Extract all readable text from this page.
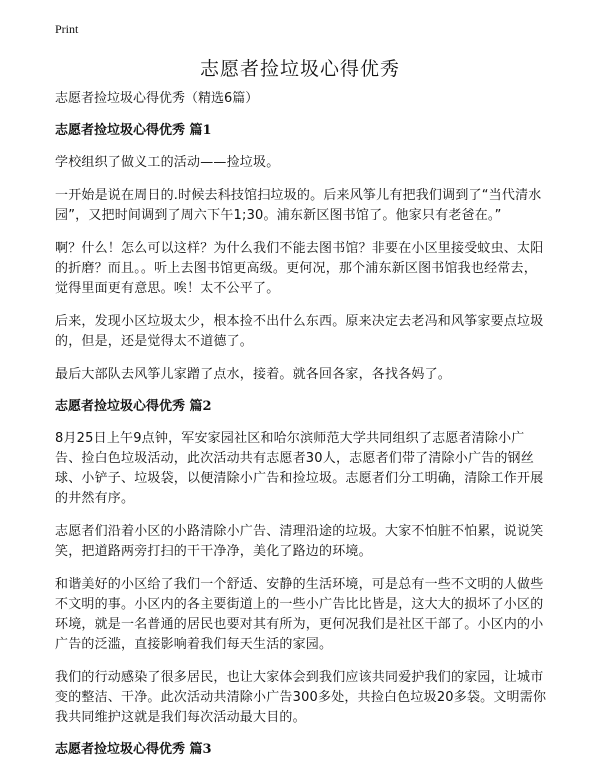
Print
志愿者捡垃圾心得优秀

志愿者捡垃圾心得优秀（精选6篇）

志愿者捡垃圾心得优秀 篇1

学校组织了做义工的活动——捡垃圾。

一开始是说在周日的.时候去科技馆扫垃圾的。后来风筝儿有把我们调到了“当代清水园”，又把时间调到了周六下午1;30。浦东新区图书馆了。他家只有老爸在。”

啊？什么！怎么可以这样？为什么我们不能去图书馆？非要在小区里接受蚊虫、太阳的折磨？而且。。听上去图书馆更高级。更何况，那个浦东新区图书馆我也经常去，觉得里面更有意思。唉！太不公平了。

后来，发现小区垃圾太少，根本捡不出什么东西。原来决定去老冯和风筝家要点垃圾的，但是，还是觉得太不道德了。

最后大部队去风筝儿家蹭了点水，接着。就各回各家，各找各妈了。

志愿者捡垃圾心得优秀 篇2

8月25日上午9点钟，军安家园社区和哈尔滨师范大学共同组织了志愿者清除小广告、捡白色垃圾活动，此次活动共有志愿者30人，志愿者们带了清除小广告的钢丝球、小铲子、垃圾袋，以便清除小广告和捡垃圾。志愿者们分工明确，清除工作开展的井然有序。

志愿者们沿着小区的小路清除小广告、清理沿途的垃圾。大家不怕脏不怕累，说说笑笑，把道路两旁打扫的干干净净，美化了路边的环境。

和谐美好的小区给了我们一个舒适、安静的生活环境，可是总有一些不文明的人做些不文明的事。小区内的各主要街道上的一些小广告比比皆是，这大大的损坏了小区的环境，就是一名普通的居民也要对其有所为，更何况我们是社区干部了。小区内的小广告的泛滥，直接影响着我们每天生活的家园。

我们的行动感染了很多居民，也让大家体会到我们应该共同爱护我们的家园，让城市变的整洁、干净。此次活动共清除小广告300多处，共捡白色垃圾20多袋。文明需你我共同维护这就是我们每次活动最大目的。

志愿者捡垃圾心得优秀 篇3
